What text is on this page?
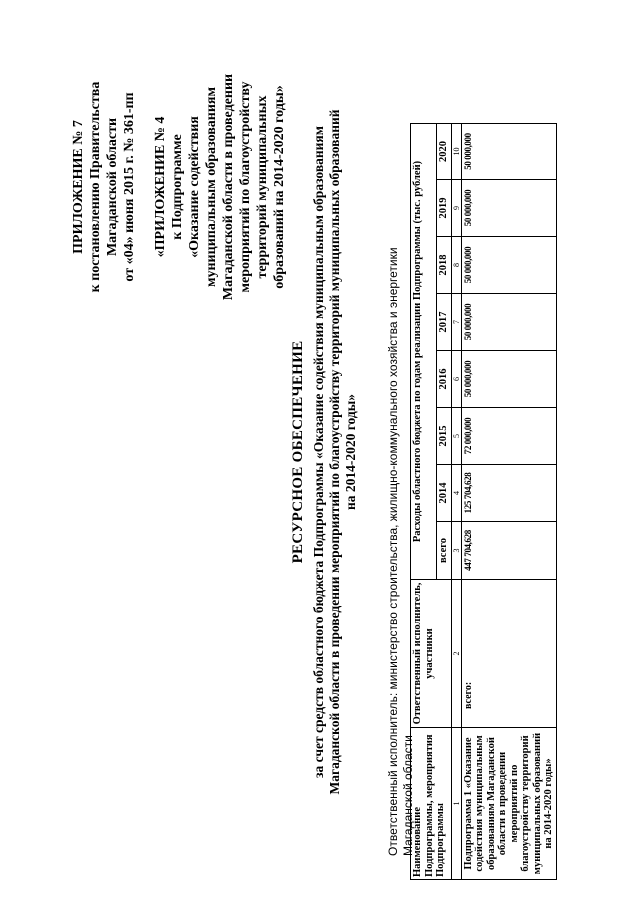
ПРИЛОЖЕНИЕ № 7 к постановлению Правительства Магаданской области от «04» июня 2015 г. № 361-пп «ПРИЛОЖЕНИЕ № 4 к Подпрограмме «Оказание содействия муниципальным образованиям Магаданской области в проведении мероприятий по благоустройству территорий муниципальных образований на 2014-2020 годы»
РЕСУРСНОЕ ОБЕСПЕЧЕНИЕ за счет средств областного бюджета Подпрограммы «Оказание содействия муниципальным образованиям Магаданской области в проведении мероприятий по благоустройству территорий муниципальных образований на 2014-2020 годы» Ответственный исполнитель: министерство строительства, жилищно-коммунального хозяйства и энергетики Магаданской области
Наименование Подпрограммы, мероприятия Подпрограммы	Ответственный исполнитель, участники	Расходы областного бюджета по годам реализации Подпрограммы (тыс. рублей)							
		всего	2014	2015	2016	2017	2018	2019	2020
1	2	3	4	5	6	7	8	9	10
Подпрограмма 1 «Оказание содействия муниципальным образованиям Магаданской области в проведении мероприятий по благоустройству территорий муниципальных образований на 2014-2020 годы»	всего:	447 704,628	125 704,628	72 000,000	50 000,000	50 000,000	50 000,000	50 000,000	50 000,000
